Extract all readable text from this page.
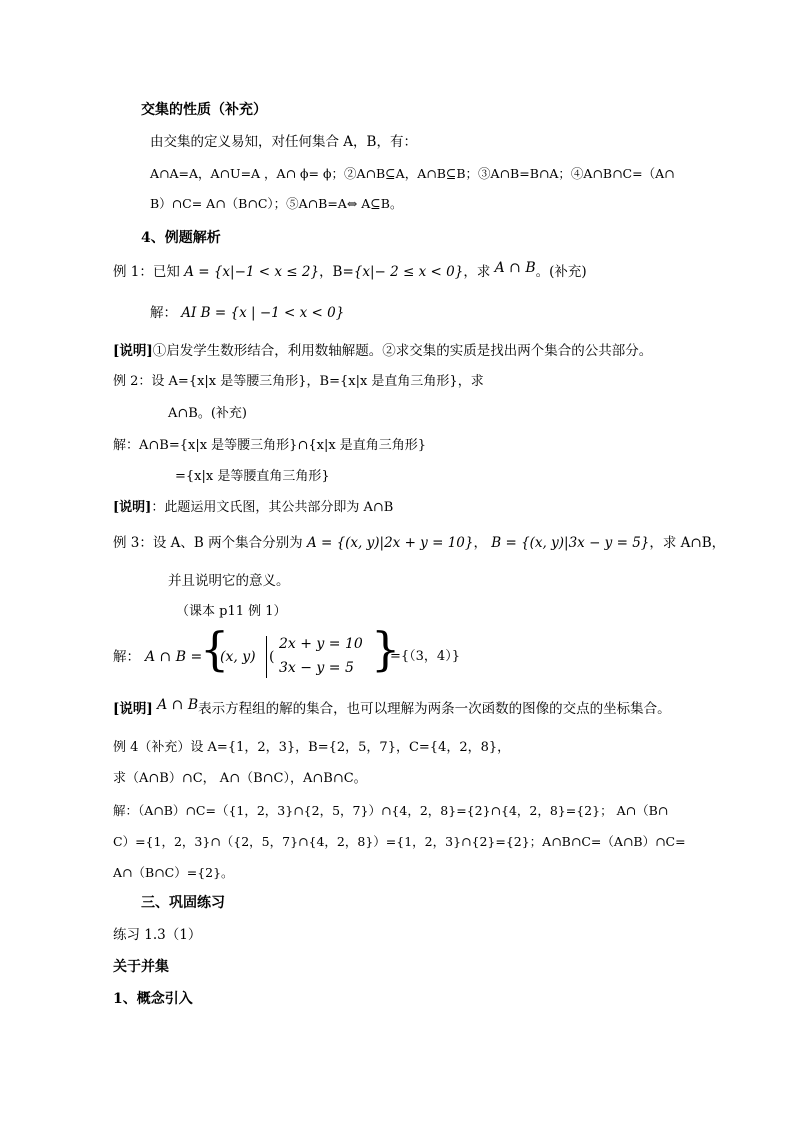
交集的性质（补充）
由交集的定义易知，对任何集合 A，B，有：
A∩A=A，A∩U=A ，A∩ ϕ= ϕ；②A∩B⊆A，A∩B⊆B；③A∩B=B∩A；④A∩B∩C=（A∩
B）∩C= A∩（B∩C）；⑤A∩B=A⇔ A⊆B。
4、例题解析
例 1：已知 A = {x|−1 < x ≤ 2}，B={x|− 2 ≤ x < 0}，求 A ∩ B。(补充)
解： AI B = {x | −1 < x < 0}
[说明]①启发学生数形结合，利用数轴解题。②求交集的实质是找出两个集合的公共部分。
例 2：设 A={x|x 是等腰三角形}，B={x|x 是直角三角形}，求
A∩B。(补充)
解：A∩B={x|x 是等腰三角形}∩{x|x 是直角三角形}
={x|x 是等腰直角三角形}
[说明]：此题运用文氏图，其公共部分即为 A∩B
例 3：设 A、B 两个集合分别为 A = {(x, y)|2x + y = 10}， B = {(x, y)|3x − y = 5}，求 A∩B，
并且说明它的意义。
（课本 p11 例 1）
解： A ∩ B =
{
(x, y) (
2x + y = 10
3x − y = 5 }
={（3，4）}
[说明] A ∩ B表示方程组的解的集合，也可以理解为两条一次函数的图像的交点的坐标集合。
例 4（补充）设 A={1，2，3}，B={2，5，7}，C={4，2，8}，
求（A∩B）∩C， A∩（B∩C），A∩B∩C。
解：（A∩B）∩C=（{1，2，3}∩{2，5，7}）∩{4，2，8}={2}∩{4，2，8}={2}； A∩（B∩
C）={1，2，3}∩（{2，5，7}∩{4，2，8}）={1，2，3}∩{2}={2}；A∩B∩C=（A∩B）∩C=
A∩（B∩C）={2}。
三、巩固练习
练习 1.3（1）
关于并集
1、概念引入
